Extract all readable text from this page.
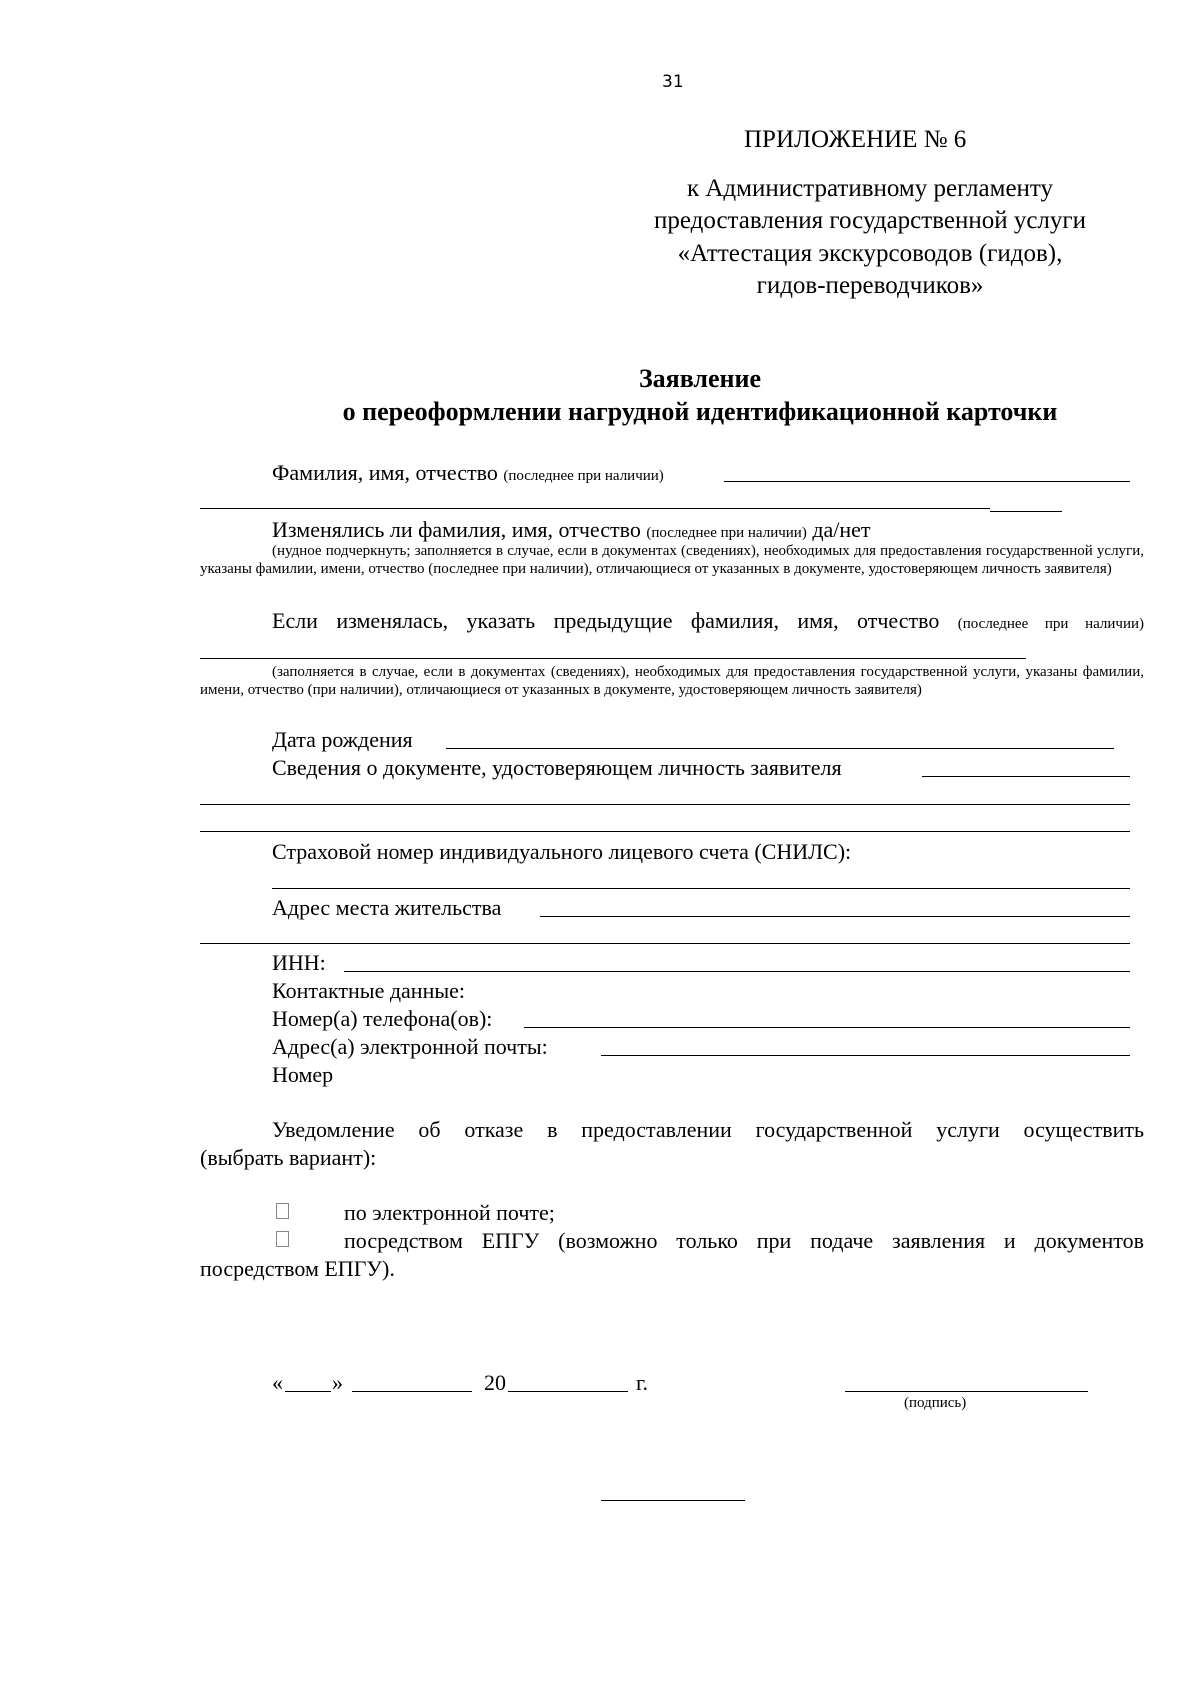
31
ПРИЛОЖЕНИЕ № 6
к Административному регламенту
предоставления государственной услуги
«Аттестация экскурсоводов (гидов),
гидов-переводчиков»
Заявление
о переоформлении нагрудной идентификационной карточки
Фамилия, имя, отчество (последнее при наличии)
Изменялись ли фамилия, имя, отчество (последнее при наличии) да/нет
(нудное подчеркнуть; заполняется в случае, если в документах (сведениях), необходимых для предоставления государственной услуги, указаны фамилии, имени, отчество (последнее при наличии), отличающиеся от указанных в документе, удостоверяющем личность заявителя)
Если изменялась, указать предыдущие фамилия, имя, отчество (последнее при наличии)
(заполняется в случае, если в документах (сведениях), необходимых для предоставления государственной услуги, указаны фамилии, имени, отчество (при наличии), отличающиеся от указанных в документе, удостоверяющем личность заявителя)
Дата рождения
Сведения о документе, удостоверяющем личность заявителя
Страховой номер индивидуального лицевого счета (СНИЛС):
Адрес места жительства
ИНН:
Контактные данные:
Номер(а) телефона(ов):
Адрес(а) электронной почты:
Номер
Уведомление об отказе в предоставлении государственной услуги осуществить
(выбрать вариант):
по электронной почте;
посредством ЕПГУ (возможно только при подаче заявления и документов
посредством ЕПГУ).
« »	20	г.
(подпись)
